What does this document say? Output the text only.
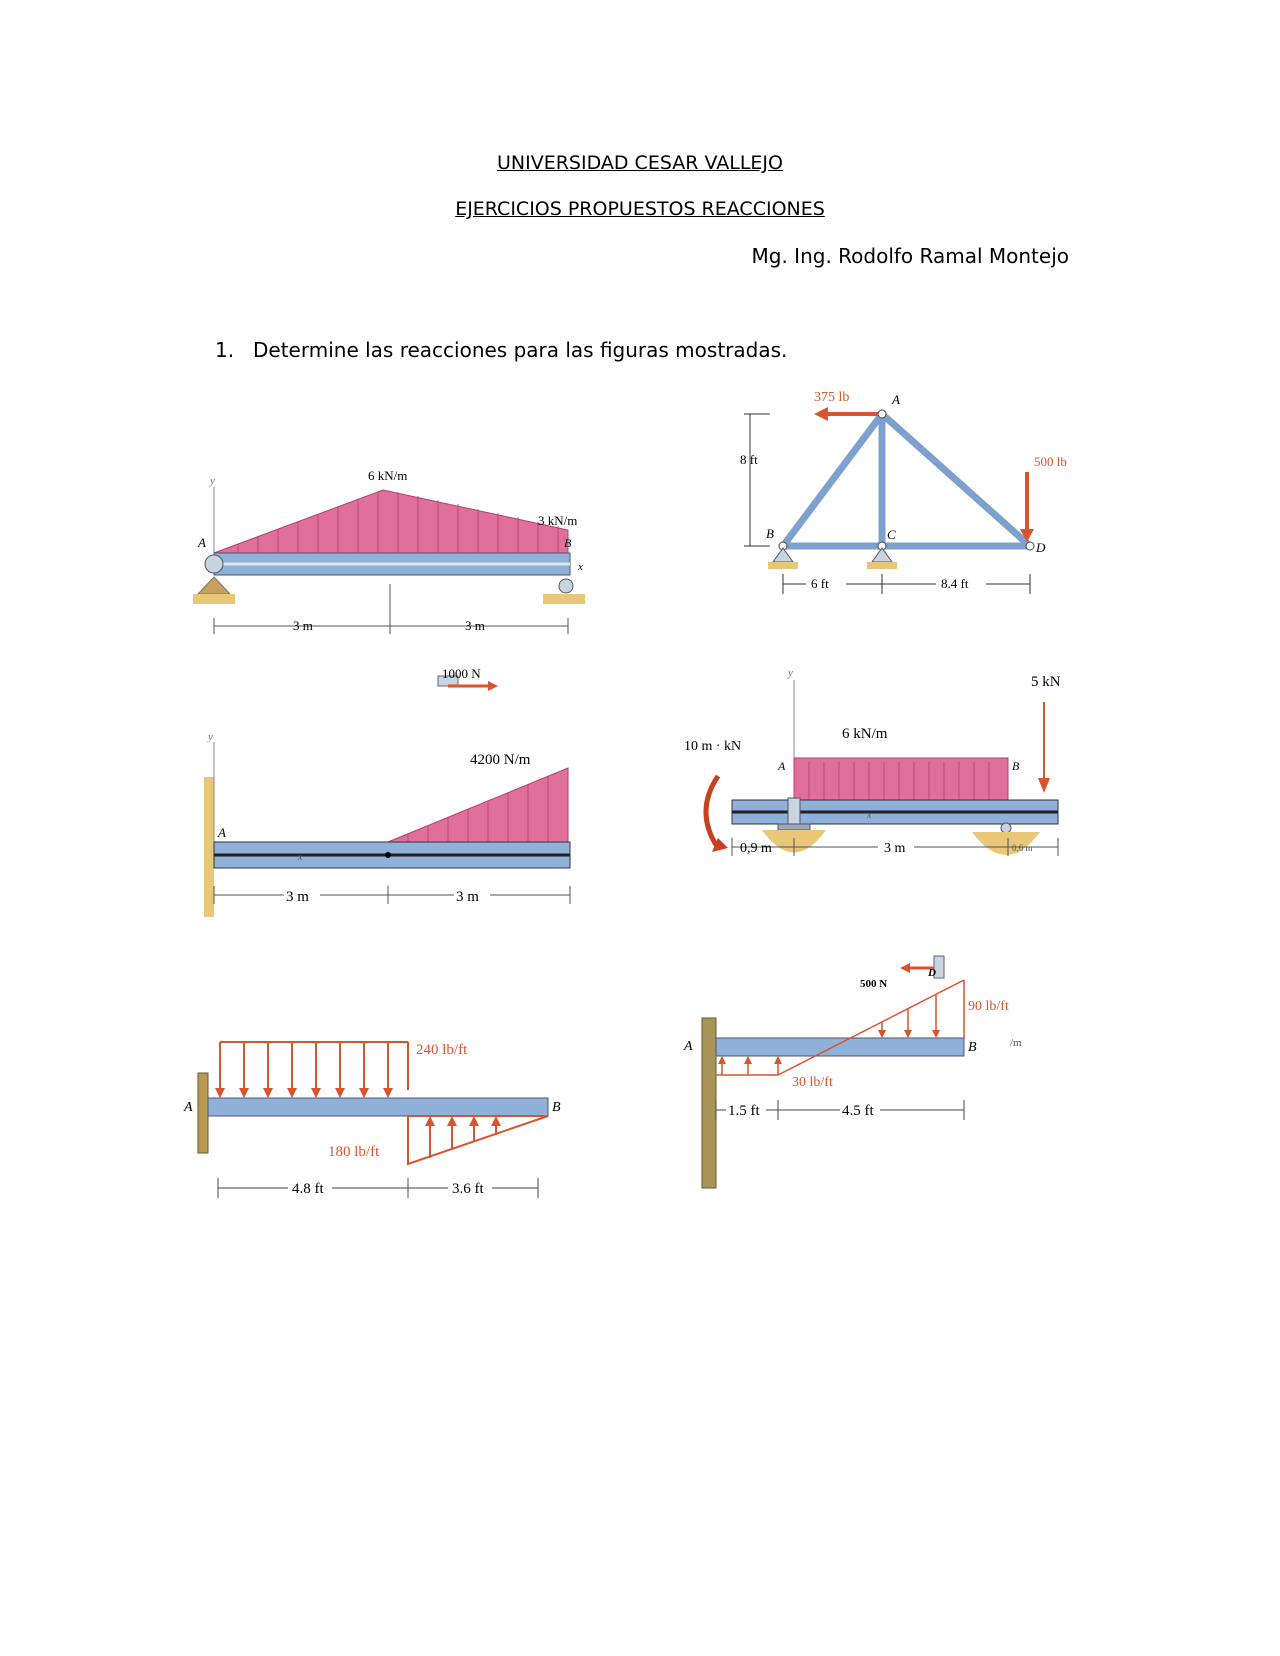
UNIVERSIDAD CESAR VALLEJO
EJERCICIOS PROPUESTOS REACCIONES
Mg. Ing. Rodolfo Ramal Montejo
1. Determine las reacciones para las figuras mostradas.
6 kN/m
3 kN/m
A	B
y
x
3 m	3 m
375 lb
500 lb
8 ft
6 ft	8.4 ft
A
B	C
D
1000 N
4200 N/m
A
y
x
3 m	3 m
6 kN/m
5 kN
10 m · kN
A	B
y
x
0,9 m	3 m	0,6 m
240 lb/ft
180 lb/ft
A	B
4.8 ft	3.6 ft
500 N
D
90 lb/ft
30 lb/ft
A	B	/m
1.5 ft	4.5 ft
